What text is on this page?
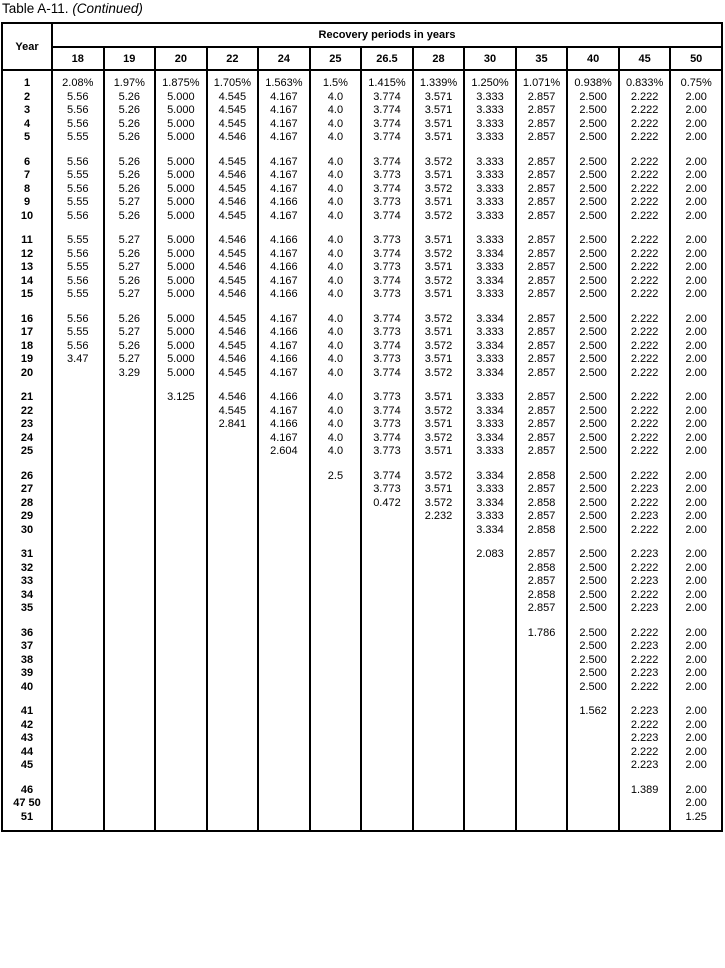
Table A-11. (Continued)
Year	Recovery periods in years												
	18	19	20	22	24	25	26.5	28	30	35	40	45	50

1	2.08%	1.97%	1.875%	1.705%	1.563%	1.5%	1.415%	1.339%	1.250%	1.071%	0.938%	0.833%	0.75%
2	5.56	5.26	5.000	4.545	4.167	4.0	3.774	3.571	3.333	2.857	2.500	2.222	2.00
3	5.56	5.26	5.000	4.545	4.167	4.0	3.774	3.571	3.333	2.857	2.500	2.222	2.00
4	5.56	5.26	5.000	4.545	4.167	4.0	3.774	3.571	3.333	2.857	2.500	2.222	2.00
5	5.55	5.26	5.000	4.546	4.167	4.0	3.774	3.571	3.333	2.857	2.500	2.222	2.00

6	5.56	5.26	5.000	4.545	4.167	4.0	3.774	3.572	3.333	2.857	2.500	2.222	2.00
7	5.55	5.26	5.000	4.546	4.167	4.0	3.773	3.571	3.333	2.857	2.500	2.222	2.00
8	5.56	5.26	5.000	4.545	4.167	4.0	3.774	3.572	3.333	2.857	2.500	2.222	2.00
9	5.55	5.27	5.000	4.546	4.166	4.0	3.773	3.571	3.333	2.857	2.500	2.222	2.00
10	5.56	5.26	5.000	4.545	4.167	4.0	3.774	3.572	3.333	2.857	2.500	2.222	2.00

11	5.55	5.27	5.000	4.546	4.166	4.0	3.773	3.571	3.333	2.857	2.500	2.222	2.00
12	5.56	5.26	5.000	4.545	4.167	4.0	3.774	3.572	3.334	2.857	2.500	2.222	2.00
13	5.55	5.27	5.000	4.546	4.166	4.0	3.773	3.571	3.333	2.857	2.500	2.222	2.00
14	5.56	5.26	5.000	4.545	4.167	4.0	3.774	3.572	3.334	2.857	2.500	2.222	2.00
15	5.55	5.27	5.000	4.546	4.166	4.0	3.773	3.571	3.333	2.857	2.500	2.222	2.00

16	5.56	5.26	5.000	4.545	4.167	4.0	3.774	3.572	3.334	2.857	2.500	2.222	2.00
17	5.55	5.27	5.000	4.546	4.166	4.0	3.773	3.571	3.333	2.857	2.500	2.222	2.00
18	5.56	5.26	5.000	4.545	4.167	4.0	3.774	3.572	3.334	2.857	2.500	2.222	2.00
19	3.47	5.27	5.000	4.546	4.166	4.0	3.773	3.571	3.333	2.857	2.500	2.222	2.00
20		3.29	5.000	4.545	4.167	4.0	3.774	3.572	3.334	2.857	2.500	2.222	2.00

21			3.125	4.546	4.166	4.0	3.773	3.571	3.333	2.857	2.500	2.222	2.00
22				4.545	4.167	4.0	3.774	3.572	3.334	2.857	2.500	2.222	2.00
23				2.841	4.166	4.0	3.773	3.571	3.333	2.857	2.500	2.222	2.00
24					4.167	4.0	3.774	3.572	3.334	2.857	2.500	2.222	2.00
25					2.604	4.0	3.773	3.571	3.333	2.857	2.500	2.222	2.00

26						2.5	3.774	3.572	3.334	2.858	2.500	2.222	2.00
27							3.773	3.571	3.333	2.857	2.500	2.223	2.00
28							0.472	3.572	3.334	2.858	2.500	2.222	2.00
29								2.232	3.333	2.857	2.500	2.223	2.00
30									3.334	2.858	2.500	2.222	2.00

31									2.083	2.857	2.500	2.223	2.00
32										2.858	2.500	2.222	2.00
33										2.857	2.500	2.223	2.00
34										2.858	2.500	2.222	2.00
35										2.857	2.500	2.223	2.00

36										1.786	2.500	2.222	2.00
37											2.500	2.223	2.00
38											2.500	2.222	2.00
39											2.500	2.223	2.00
40											2.500	2.222	2.00

41											1.562	2.223	2.00
42												2.222	2.00
43												2.223	2.00
44												2.222	2.00
45												2.223	2.00

46												1.389	2.00
47 50													2.00
51													1.25
